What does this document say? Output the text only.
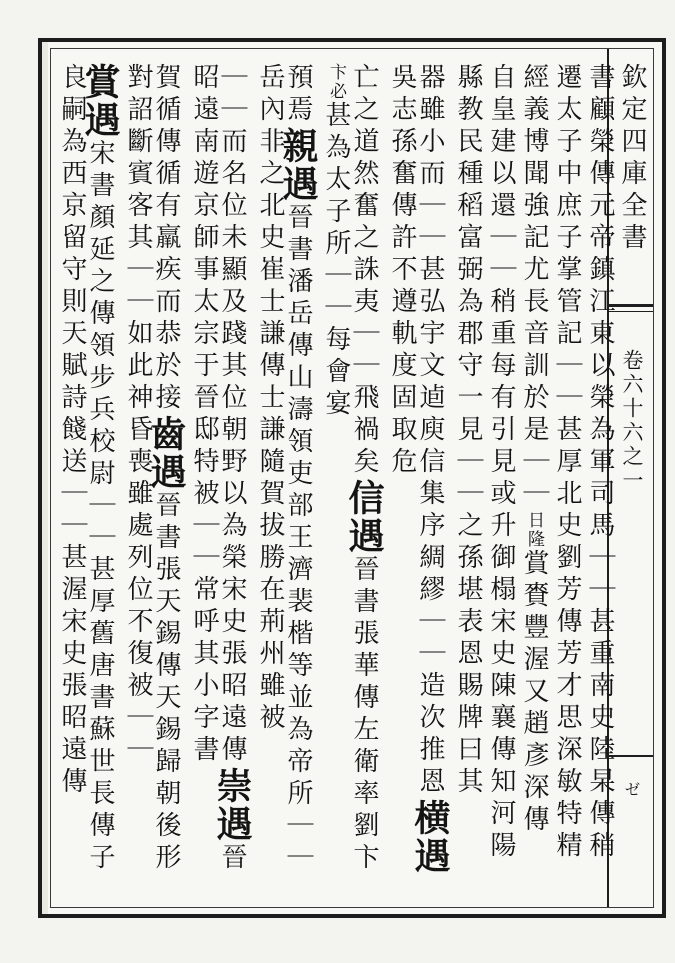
欽定四庫全書
卷六十六之一
ゼ
書顧榮傳元帝鎮江東以榮為軍司馬｜｜甚重南史陸杲傳稍
遷太子中庶子掌管記｜｜甚厚北史劉芳傳芳才思深敏特精
經義博聞強記尤長音訓於是｜｜日隆賞賚豐渥又趙彥深傳
自皇建以還｜｜稍重每有引見或升御榻宋史陳襄傳知河陽
縣教民種稻富弼為郡守一見｜｜之孫堪表恩賜牌曰其
器雖小而｜｜甚弘宇文逌庾信集序綢繆｜｜造次推恩横遇
吳志孫奮傳許不遵軌度固取危
亡之道然奮之誅夷｜｜飛禍矣信遇晉書張華傳左衛率劉卞
卞必甚為太子所｜｜每會宴
預焉親遇晉書潘岳傳山濤領吏部王濟裴楷等並為帝所｜｜
岳內非之北史崔士謙傳士謙隨賀拔勝在荊州雖被
｜｜而名位未顯及踐其位朝野以為榮宋史張昭遠傳崇遇晉
昭遠南遊京師事太宗于晉邸特被｜｜常呼其小字書
賀循傳循有羸疾而恭於接齒遇晉書張天錫傳天錫歸朝後形
對詔斷賓客其｜｜如此神昏喪雖處列位不復被｜｜
賞遇宋書顏延之傳領步兵校尉｜｜甚厚舊唐書蘇世長傳子
良嗣為西京留守則天賦詩餞送｜｜甚渥宋史張昭遠傳
